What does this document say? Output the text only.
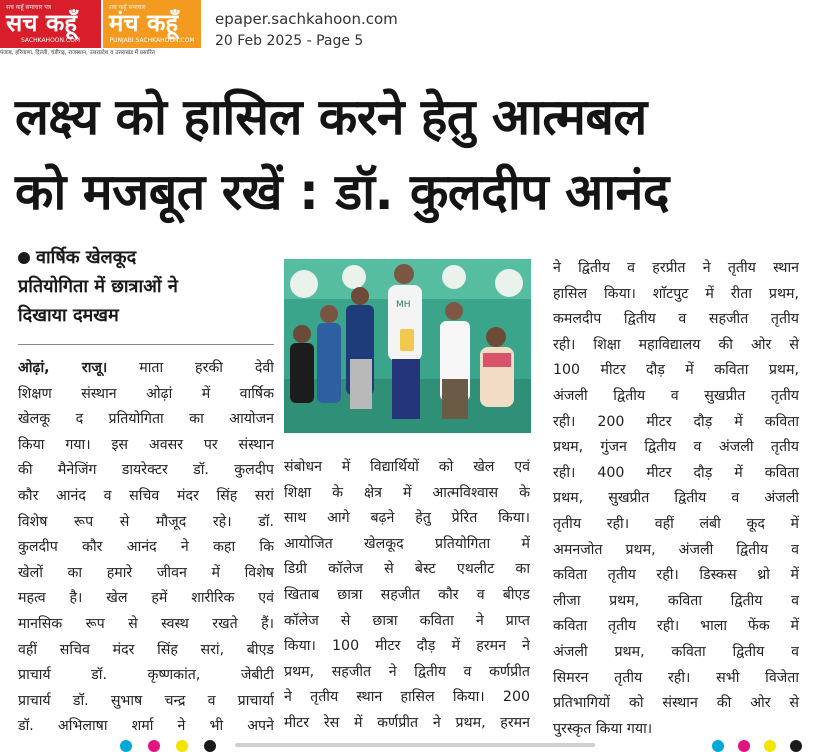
सच कहूँ समाचार पत्र
सच कहूँ
SACHKAHOON.COM
सच कहूँ समाचार
मंच कहूँ
PUNJABI.SACHKAHOON.COM
पंजाब, हरियाणा, दिल्ली, चंडीगढ़, राजस्थान, उत्तरप्रदेश व उत्तराखंड में प्रसारित
epaper.sachkahoon.com
20 Feb 2025 - Page 5
लक्ष्य को हासिल करने हेतु आत्मबल
को मजबूत रखें : डॉ. कुलदीप आनंद
वार्षिक खेलकूद
प्रतियोगिता में छात्राओं ने
दिखाया दमखम
ओढ़ां, राजू। माता हरकी देवी
शिक्षण संस्थान ओढ़ां में वार्षिक
खेलकू द प्रतियोगिता का आयोजन
किया गया। इस अवसर पर संस्थान
की मैनेजिंग डायरेक्टर डॉ. कुलदीप
कौर आनंद व सचिव मंदर सिंह सरां
विशेष रूप से मौजूद रहे। डॉ.
कुलदीप कौर आनंद ने कहा कि
खेलों का हमारे जीवन में विशेष
महत्व है। खेल हमें शारीरिक एवं
मानसिक रूप से स्वस्थ रखते हैं।
वहीं सचिव मंदर सिंह सरां, बीएड
प्राचार्य डॉ. कृष्णकांत, जेबीटी
प्राचार्य डॉ. सुभाष चन्द्र व प्राचार्या
डॉ. अभिलाषा शर्मा ने भी अपने
MH
संबोधन में विद्यार्थियों को खेल एवं
शिक्षा के क्षेत्र में आत्मविश्वास के
साथ आगे बढ़ने हेतु प्रेरित किया।
आयोजित खेलकूद प्रतियोगिता में
डिग्री कॉलेज से बेस्ट एथलीट का
खिताब छात्रा सहजीत कौर व बीएड
कॉलेज से छात्रा कविता ने प्राप्त
किया। 100 मीटर दौड़ में हरमन ने
प्रथम, सहजीत ने द्वितीय व कर्णप्रीत
ने तृतीय स्थान हासिल किया। 200
मीटर रेस में कर्णप्रीत ने प्रथम, हरमन
ने द्वितीय व हरप्रीत ने तृतीय स्थान
हासिल किया। शाॅटपुट में रीता प्रथम,
कमलदीप द्वितीय व सहजीत तृतीय
रही। शिक्षा महाविद्यालय की ओर से
100 मीटर दौड़ में कविता प्रथम,
अंजली द्वितीय व सुखप्रीत तृतीय
रही। 200 मीटर दौड़ में कविता
प्रथम, गुंजन द्वितीय व अंजली तृतीय
रही। 400 मीटर दौड़ में कविता
प्रथम, सुखप्रीत द्वितीय व अंजली
तृतीय रही। वहीं लंबी कूद में
अमनजोत प्रथम, अंजली द्वितीय व
कविता तृतीय रही। डिस्कस थ्रो में
लीजा प्रथम, कविता द्वितीय व
कविता तृतीय रही। भाला फेंक में
अंजली प्रथम, कविता द्वितीय व
सिमरन तृतीय रही। सभी विजेता
प्रतिभागियों को संस्थान की ओर से
पुरस्कृत किया गया।
